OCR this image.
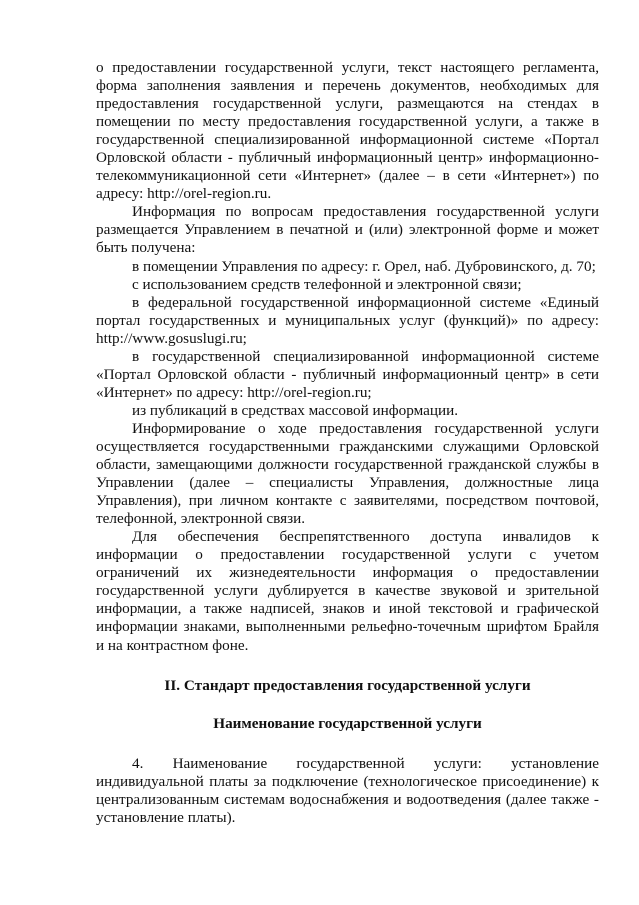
о предоставлении государственной услуги, текст настоящего регламента, форма заполнения заявления и перечень документов, необходимых для предоставления государственной услуги, размещаются на стендах в помещении по месту предоставления государственной услуги, а также в государственной специализированной информационной системе «Портал Орловской области - публичный информационный центр» информационно-телекоммуникационной сети «Интернет» (далее – в сети «Интернет») по адресу: http://orel-region.ru.

Информация по вопросам предоставления государственной услуги размещается Управлением в печатной и (или) электронной форме и может быть получена:

в помещении Управления по адресу: г. Орел, наб. Дубровинского, д. 70;

с использованием средств телефонной и электронной связи;

в федеральной государственной информационной системе «Единый портал государственных и муниципальных услуг (функций)» по адресу: http://www.gosuslugi.ru;

в государственной специализированной информационной системе «Портал Орловской области - публичный информационный центр» в сети «Интернет» по адресу: http://orel-region.ru;

из публикаций в средствах массовой информации.

Информирование о ходе предоставления государственной услуги осуществляется государственными гражданскими служащими Орловской области, замещающими должности государственной гражданской службы в Управлении (далее – специалисты Управления, должностные лица Управления), при личном контакте с заявителями, посредством почтовой, телефонной, электронной связи.

Для обеспечения беспрепятственного доступа инвалидов к информации о предоставлении государственной услуги с учетом ограничений их жизнедеятельности информация о предоставлении государственной услуги дублируется в качестве звуковой и зрительной информации, а также надписей, знаков и иной текстовой и графической информации знаками, выполненными рельефно-точечным шрифтом Брайля и на контрастном фоне.

II. Стандарт предоставления государственной услуги

Наименование государственной услуги

4. Наименование государственной услуги: установление индивидуальной платы за подключение (технологическое присоединение) к централизованным системам водоснабжения и водоотведения (далее также - установление платы).
